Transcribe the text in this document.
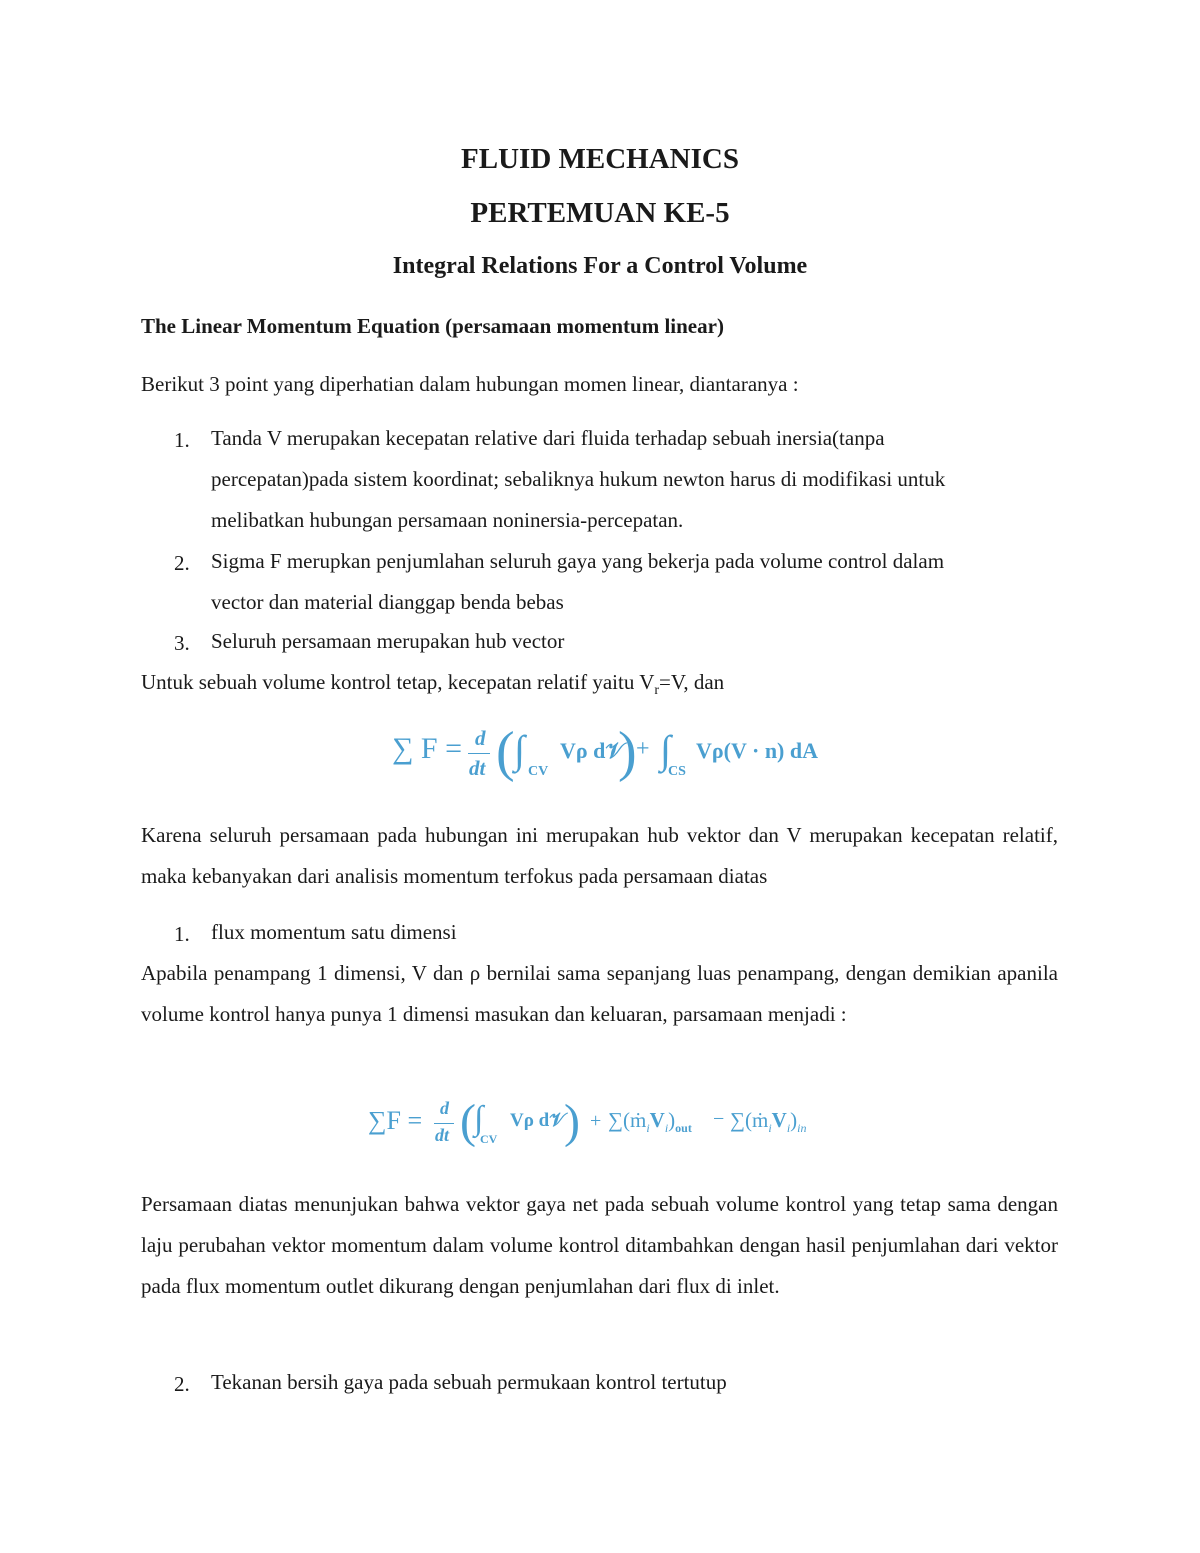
FLUID MECHANICS
PERTEMUAN KE-5
Integral Relations For a Control Volume
The Linear Momentum Equation (persamaan momentum linear)
Berikut 3 point yang diperhatian dalam hubungan momen linear, diantaranya :
1. Tanda V merupakan kecepatan relative dari fluida terhadap sebuah inersia(tanpa
percepatan)pada sistem koordinat; sebaliknya hukum newton harus di modifikasi untuk
melibatkan hubungan persamaan noninersia-percepatan.
2. Sigma F merupkan penjumlahan seluruh gaya yang bekerja pada volume control dalam
vector dan material dianggap benda bebas
3. Seluruh persamaan merupakan hub vector
Untuk sebuah volume kontrol tetap, kecepatan relatif yaitu $V_r=V$, dan
∑ F = d
dt ( ∫ CV
Vρ d𝒱
) + ∫
CS
Vρ(V · n) dA
Karena seluruh persamaan pada hubungan ini merupakan hub vektor dan V merupakan kecepatan relatif, maka kebanyakan dari analisis momentum terfokus pada persamaan diatas
1. flux momentum satu dimensi
Apabila penampang 1 dimensi, V dan ρ bernilai sama sepanjang luas penampang, dengan demikian apanila volume kontrol hanya punya 1 dimensi masukan dan keluaran, parsamaan menjadi :
∑F = d
dt (
∫
CV
Vρ d𝒱
) + $\sum(ṁ_iV_i)_{out}$ − $\sum(ṁ_iV_i)_{in}$
Persamaan diatas menunjukan bahwa vektor gaya net pada sebuah volume kontrol yang tetap sama dengan laju perubahan vektor momentum dalam volume kontrol ditambahkan dengan hasil penjumlahan dari vektor pada flux momentum outlet dikurang dengan penjumlahan dari flux di inlet.
2. Tekanan bersih gaya pada sebuah permukaan kontrol tertutup
